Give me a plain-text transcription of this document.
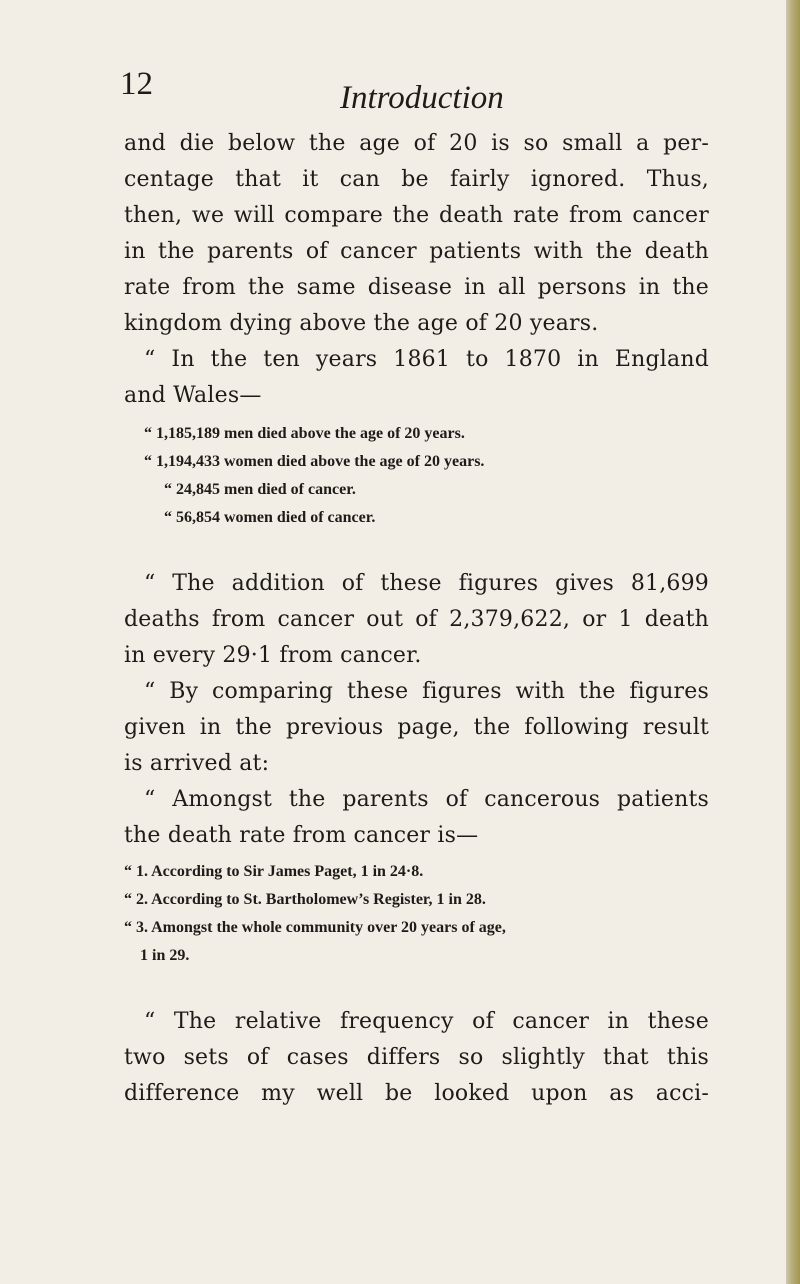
12	Introduction
and die below the age of 20 is so small a per-
centage that it can be fairly ignored. Thus,
then, we will compare the death rate from cancer
in the parents of cancer patients with the death
rate from the same disease in all persons in the
kingdom dying above the age of 20 years.
“ In the ten years 1861 to 1870 in England
and Wales—
“ 1,185,189 men died above the age of 20 years.
“ 1,194,433 women died above the age of 20 years.
“ 24,845 men died of cancer.
“ 56,854 women died of cancer.
“ The addition of these figures gives 81,699
deaths from cancer out of 2,379,622, or 1 death
in every 29·1 from cancer.
“ By comparing these figures with the figures
given in the previous page, the following result
is arrived at:
“ Amongst the parents of cancerous patients
the death rate from cancer is—
“ 1. According to Sir James Paget, 1 in 24·8.
“ 2. According to St. Bartholomew’s Register, 1 in 28.
“ 3. Amongst the whole community over 20 years of age,
1 in 29.
“ The relative frequency of cancer in these
two sets of cases differs so slightly that this
difference my well be looked upon as acci-
